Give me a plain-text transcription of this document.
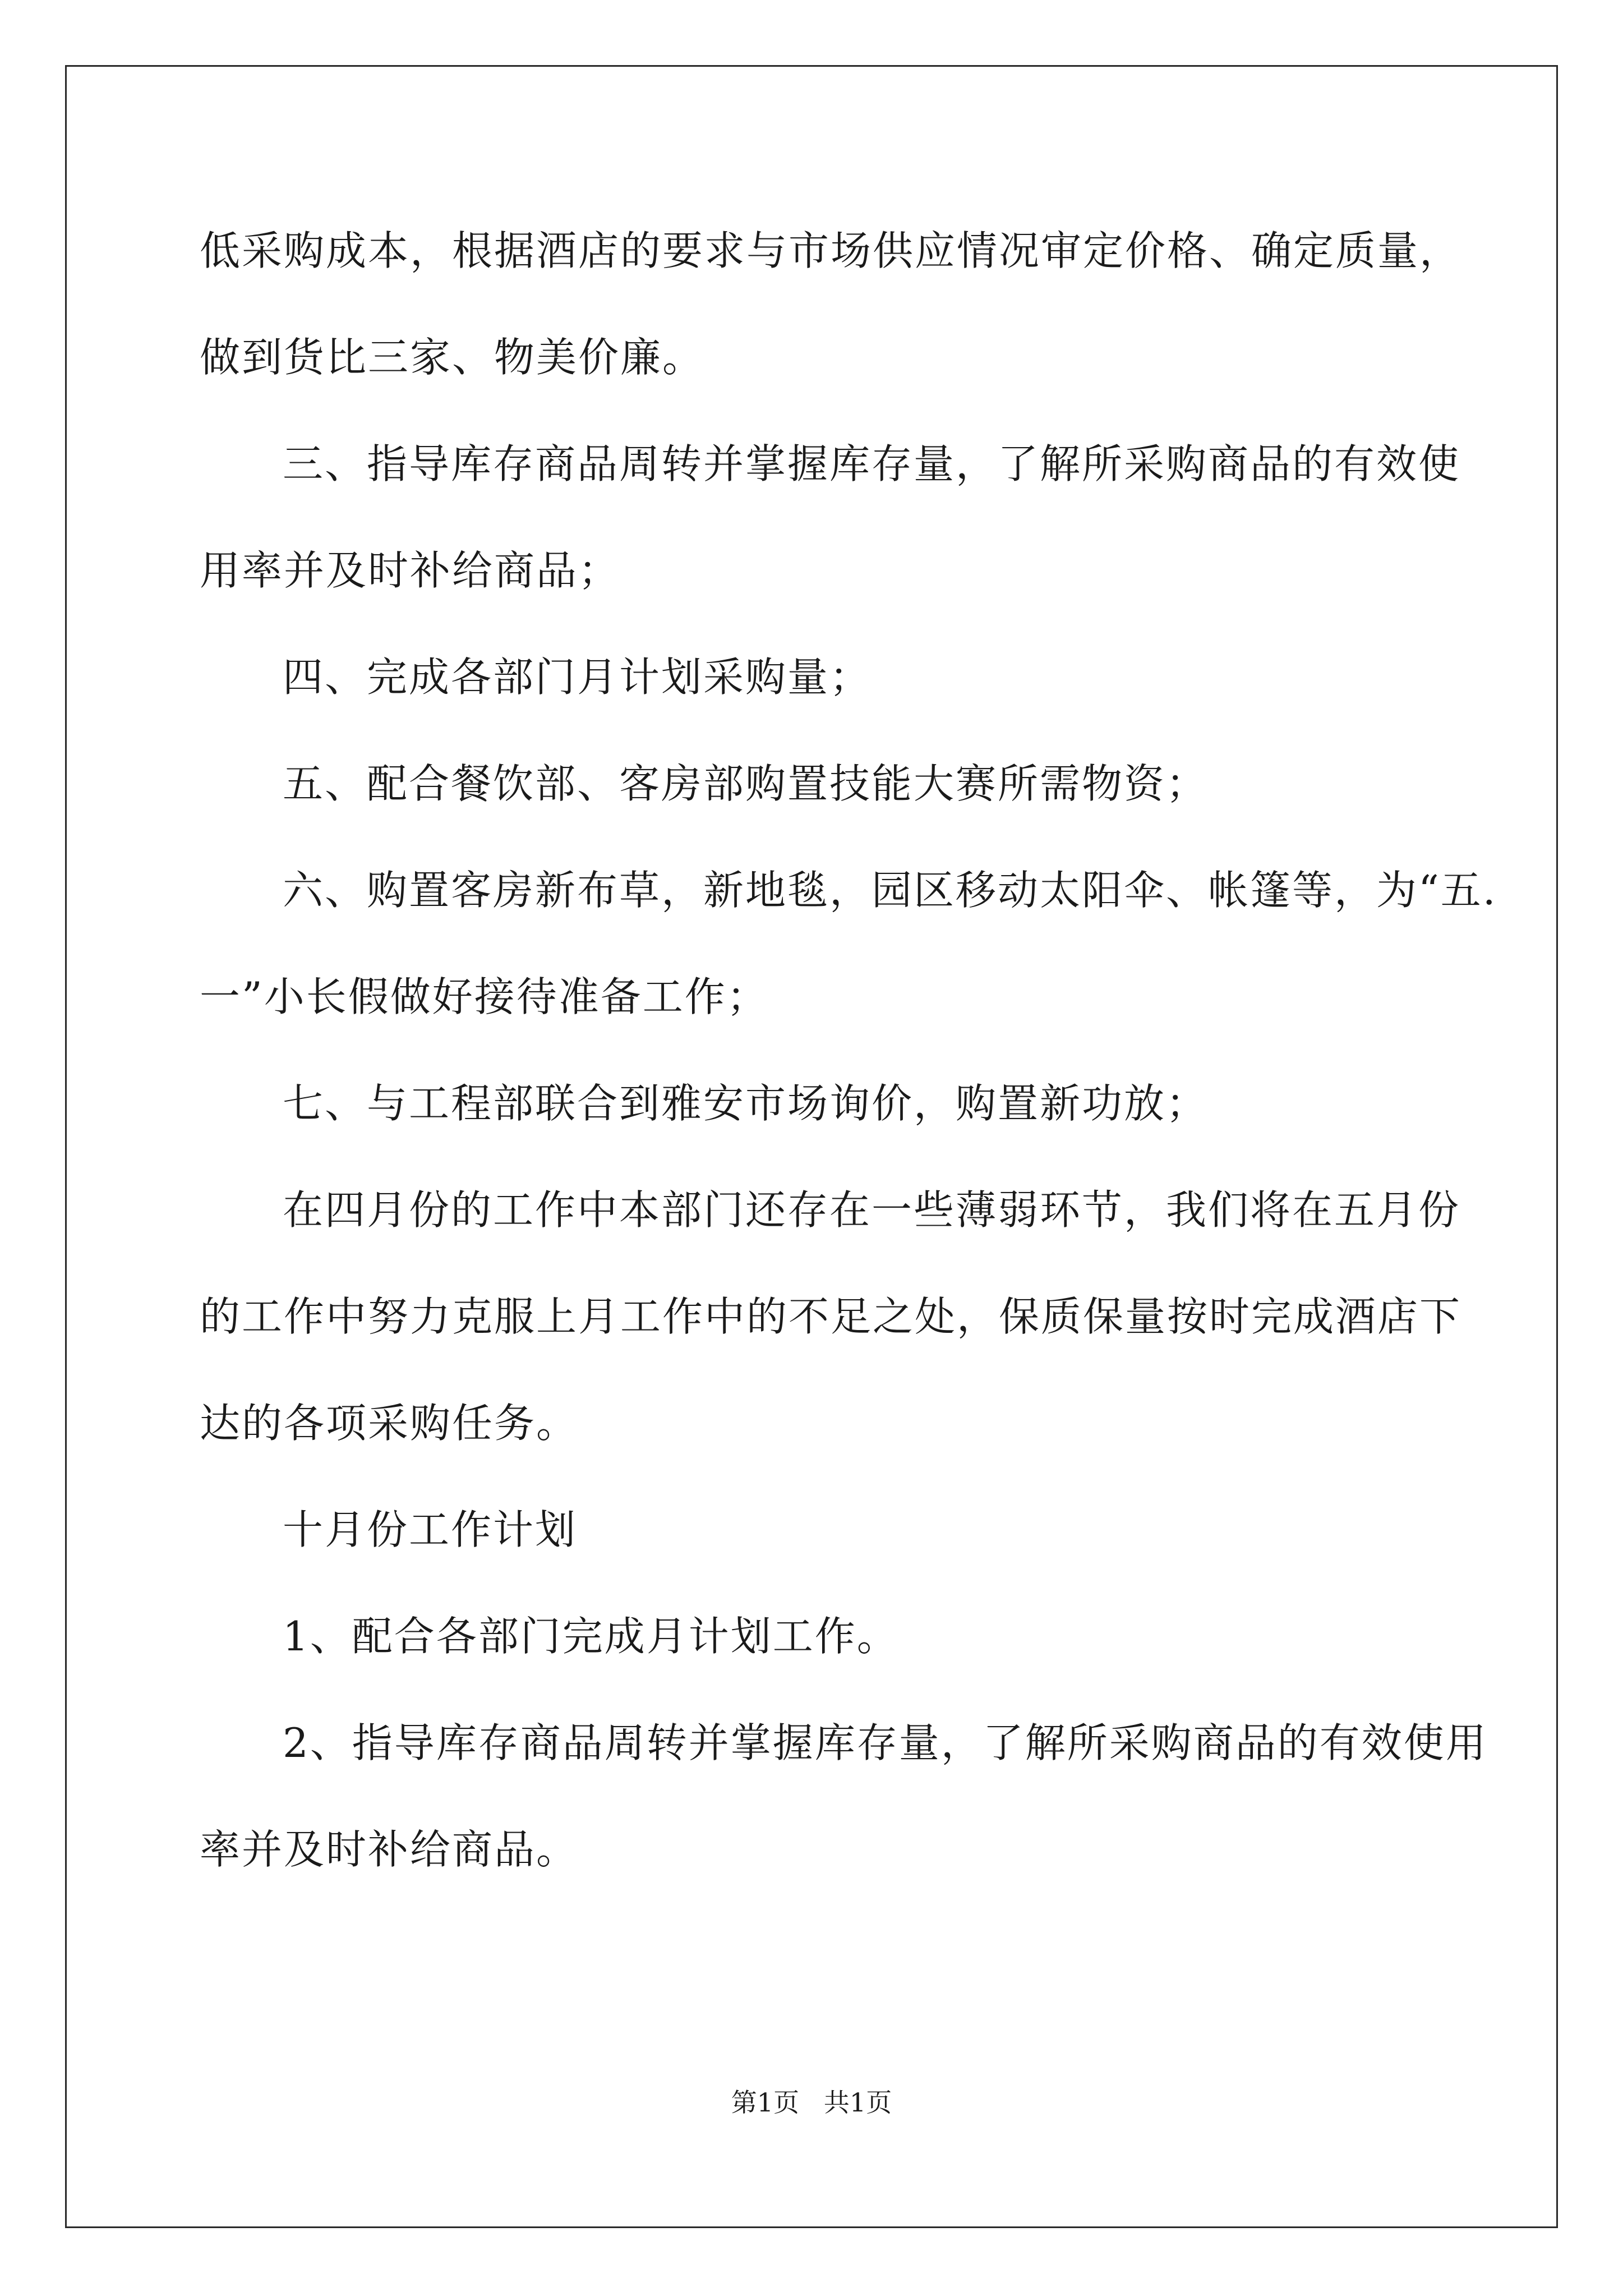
低采购成本，根据酒店的要求与市场供应情况审定价格、确定质量，
做到货比三家、物美价廉。
三、指导库存商品周转并掌握库存量，了解所采购商品的有效使
用率并及时补给商品；
四、完成各部门月计划采购量；
五、配合餐饮部、客房部购置技能大赛所需物资；
六、购置客房新布草，新地毯，园区移动太阳伞、帐篷等，为“五.
一”小长假做好接待准备工作；
七、与工程部联合到雅安市场询价，购置新功放；
在四月份的工作中本部门还存在一些薄弱环节，我们将在五月份
的工作中努力克服上月工作中的不足之处，保质保量按时完成酒店下
达的各项采购任务。
十月份工作计划
1、配合各部门完成月计划工作。
2、指导库存商品周转并掌握库存量，了解所采购商品的有效使用
率并及时补给商品。
第1页   共1页
